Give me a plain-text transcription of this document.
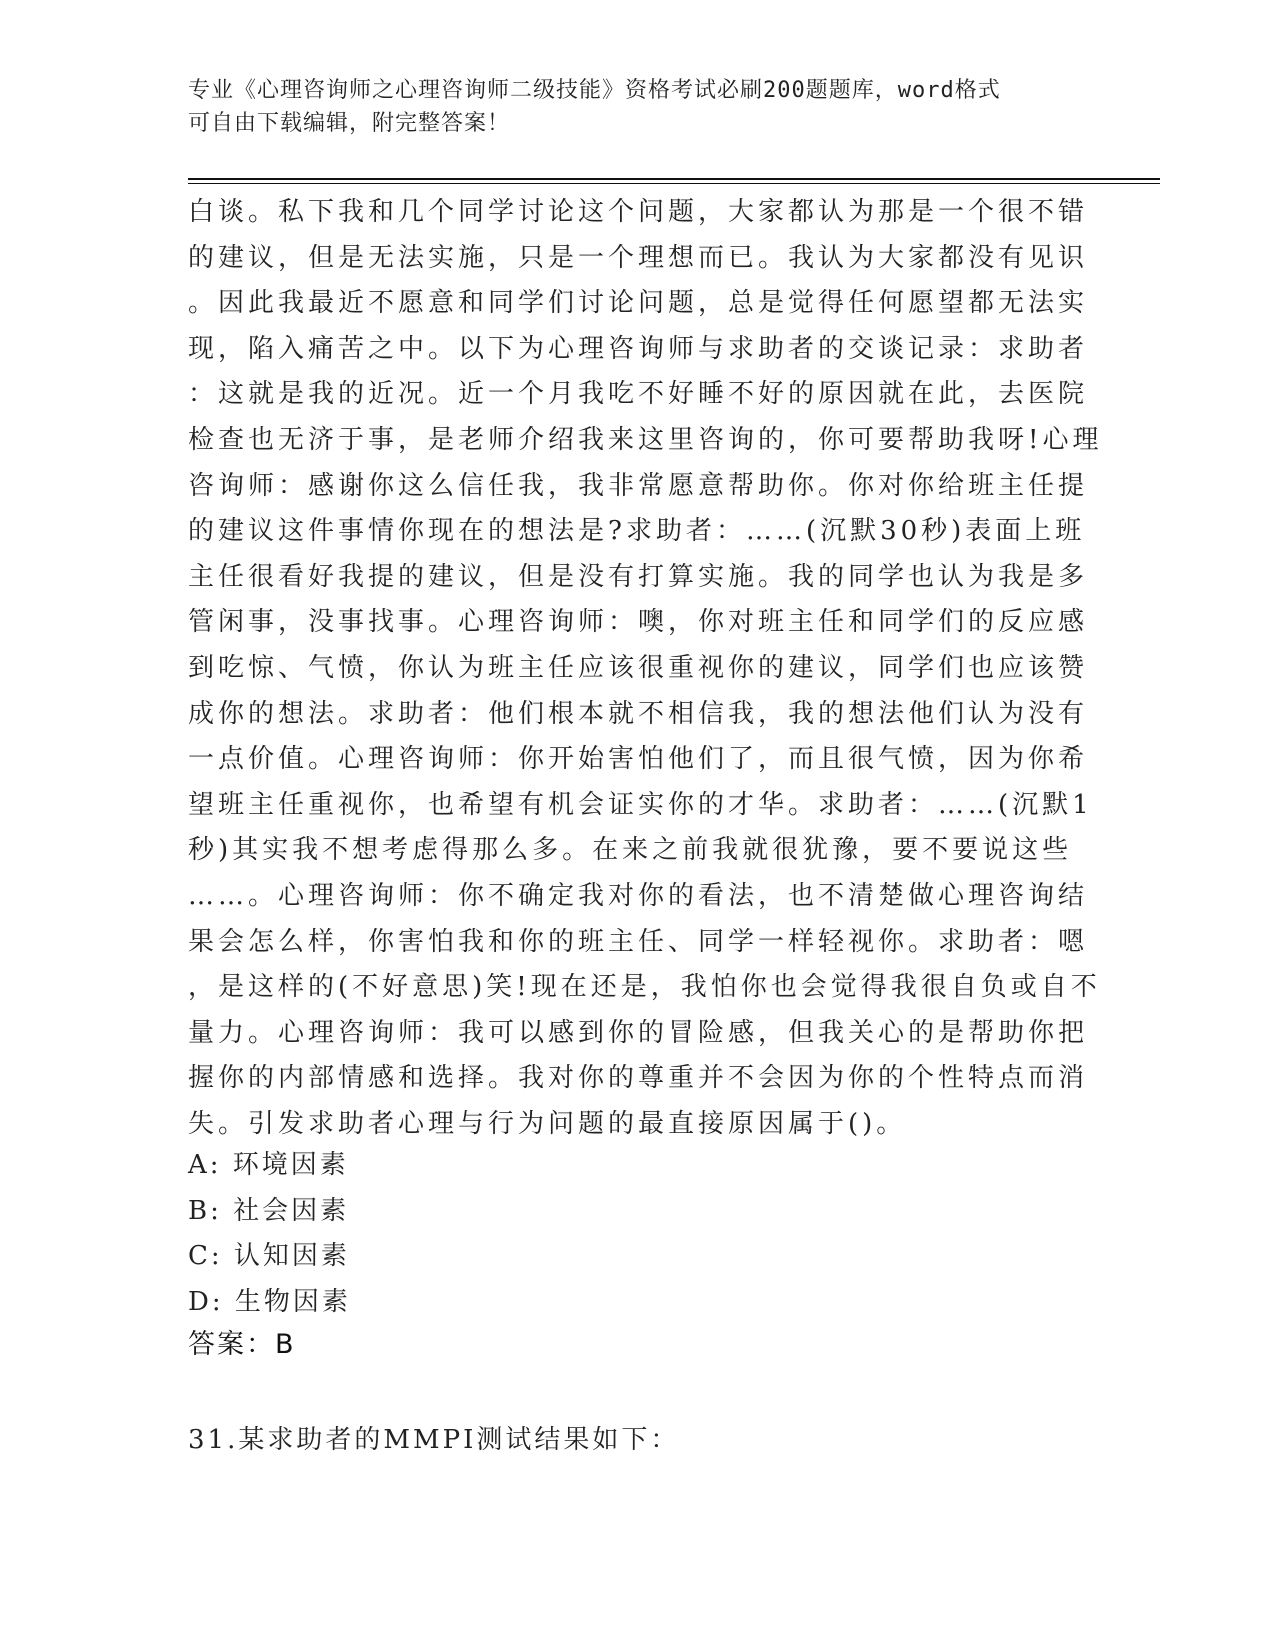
专业《心理咨询师之心理咨询师二级技能》资格考试必刷200题题库，word格式
可自由下载编辑，附完整答案！
白谈。私下我和几个同学讨论这个问题，大家都认为那是一个很不错
的建议，但是无法实施，只是一个理想而已。我认为大家都没有见识
。因此我最近不愿意和同学们讨论问题，总是觉得任何愿望都无法实
现，陷入痛苦之中。以下为心理咨询师与求助者的交谈记录：求助者
：这就是我的近况。近一个月我吃不好睡不好的原因就在此，去医院
检查也无济于事，是老师介绍我来这里咨询的，你可要帮助我呀!心理
咨询师：感谢你这么信任我，我非常愿意帮助你。你对你给班主任提
的建议这件事情你现在的想法是?求助者：……(沉默30秒)表面上班
主任很看好我提的建议，但是没有打算实施。我的同学也认为我是多
管闲事，没事找事。心理咨询师：噢，你对班主任和同学们的反应感
到吃惊、气愤，你认为班主任应该很重视你的建议，同学们也应该赞
成你的想法。求助者：他们根本就不相信我，我的想法他们认为没有
一点价值。心理咨询师：你开始害怕他们了，而且很气愤，因为你希
望班主任重视你，也希望有机会证实你的才华。求助者：……(沉默1
秒)其实我不想考虑得那么多。在来之前我就很犹豫，要不要说这些
……。心理咨询师：你不确定我对你的看法，也不清楚做心理咨询结
果会怎么样，你害怕我和你的班主任、同学一样轻视你。求助者：嗯
，是这样的(不好意思)笑!现在还是，我怕你也会觉得我很自负或自不
量力。心理咨询师：我可以感到你的冒险感，但我关心的是帮助你把
握你的内部情感和选择。我对你的尊重并不会因为你的个性特点而消
失。引发求助者心理与行为问题的最直接原因属于()。
A: 环境因素
B: 社会因素
C: 认知因素
D: 生物因素
答案：B
31.某求助者的MMPI测试结果如下：
